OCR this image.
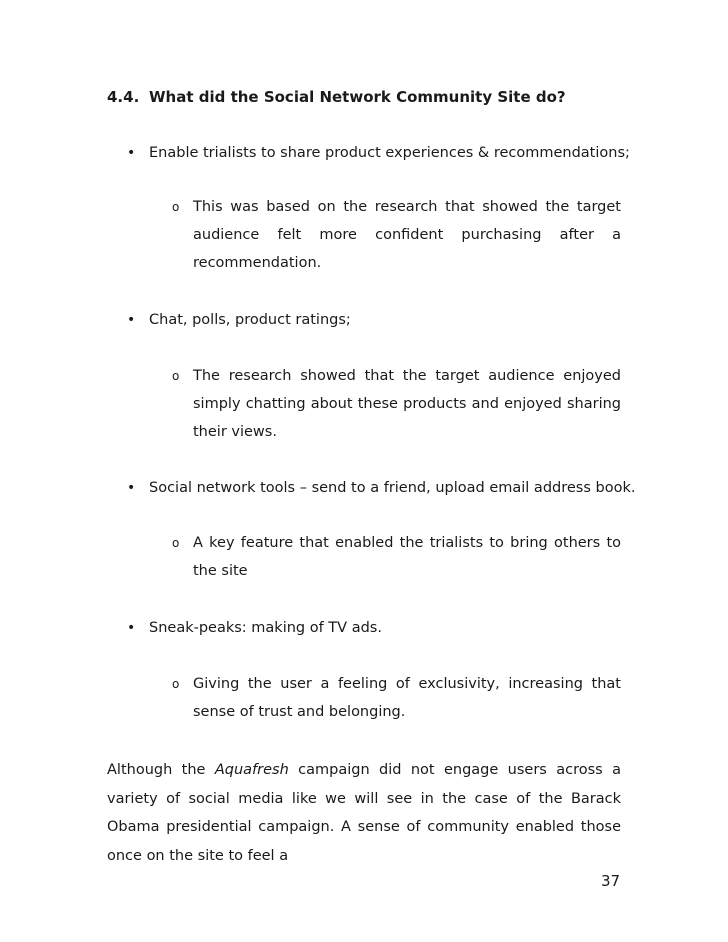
4.4. What did the Social Network Community Site do?
• Enable trialists to share product experiences & recommendations;
o This was based on the research that showed the target audience felt more confident purchasing after a recommendation.
• Chat, polls, product ratings;
o The research showed that the target audience enjoyed simply chatting about these products and enjoyed sharing their views.
• Social network tools – send to a friend, upload email address book.
o A key feature that enabled the trialists to bring others to the site
• Sneak-peaks: making of TV ads.
o Giving the user a feeling of exclusivity, increasing that sense of trust and belonging.
Although the Aquafresh campaign did not engage users across a variety of social media like we will see in the case of the Barack Obama presidential campaign. A sense of community enabled those once on the site to feel a
37
